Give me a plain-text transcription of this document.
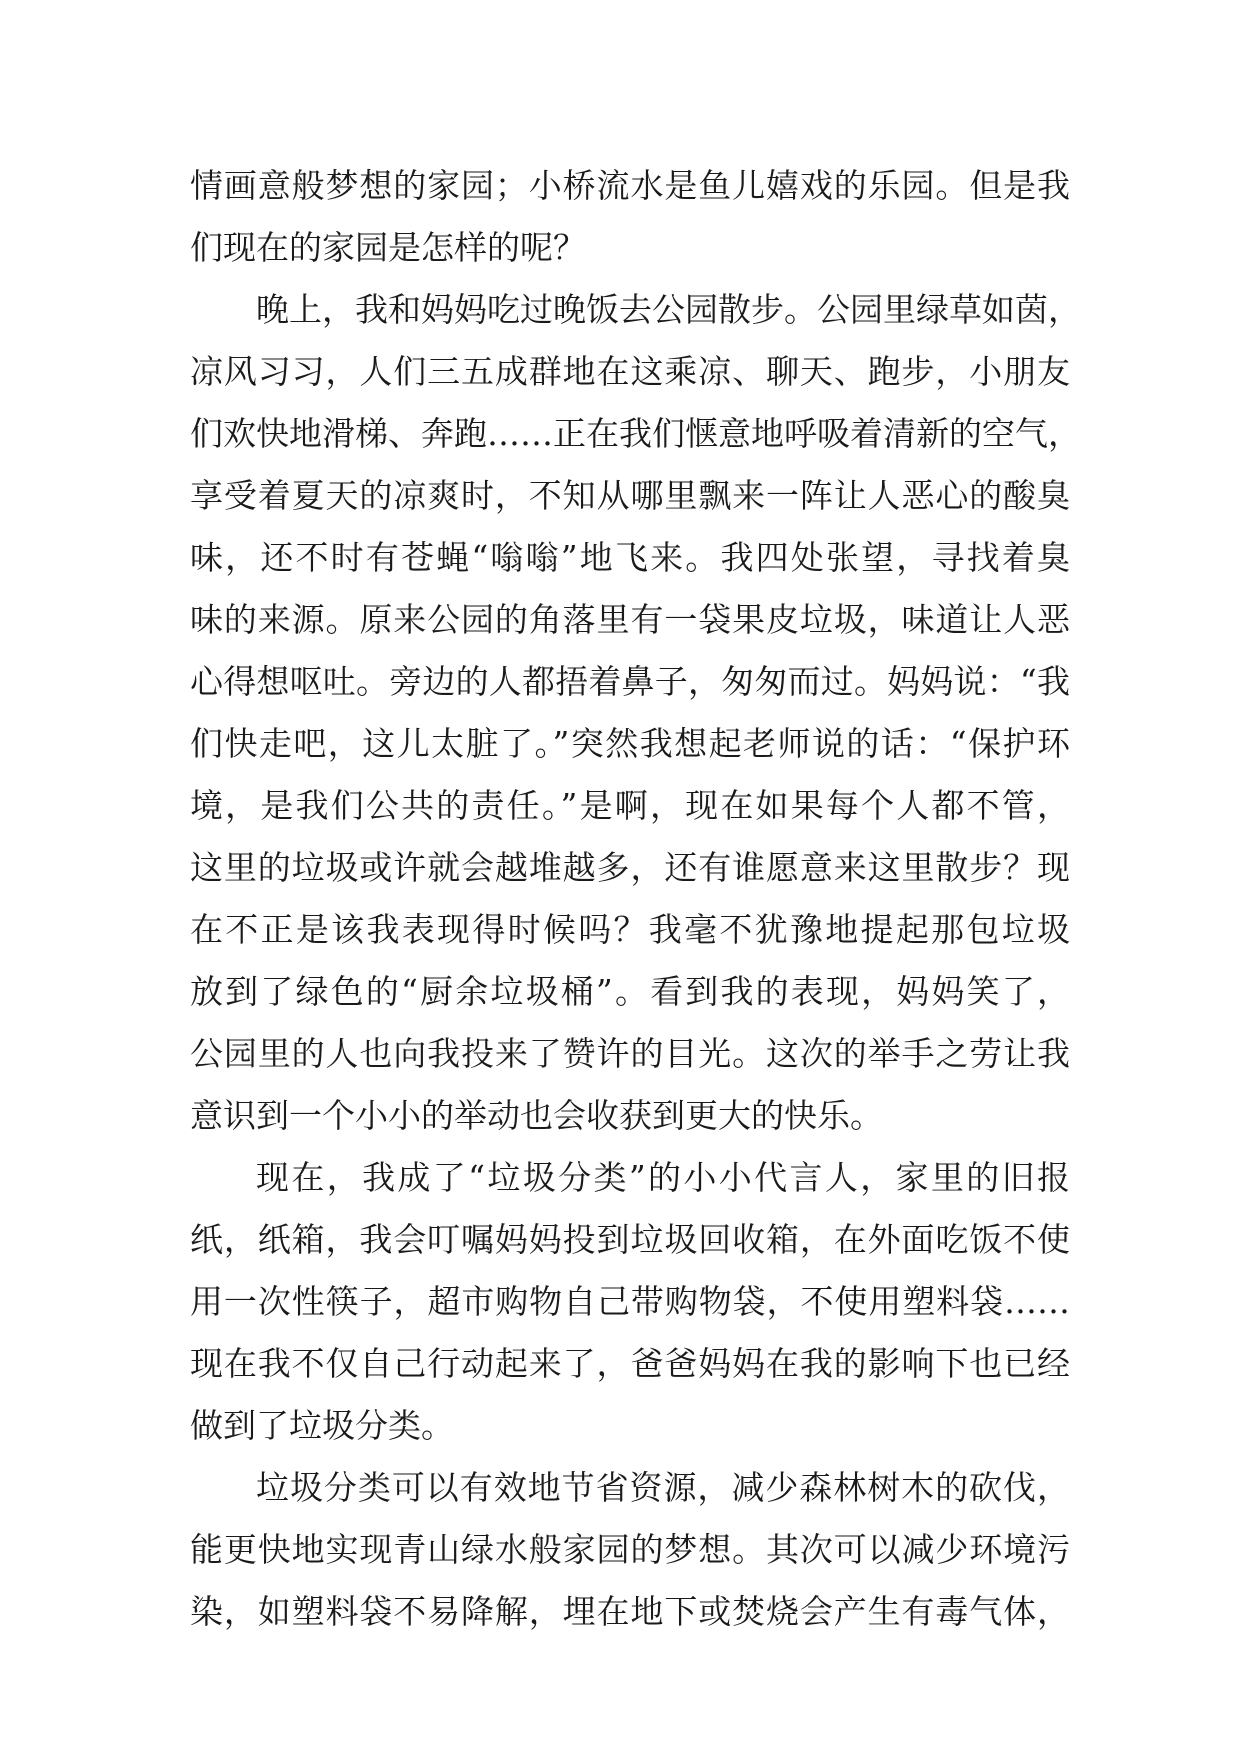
情画意般梦想的家园；小桥流水是鱼儿嬉戏的乐园。但是我
们现在的家园是怎样的呢？
晚上，我和妈妈吃过晚饭去公园散步。公园里绿草如茵，
凉风习习，人们三五成群地在这乘凉、聊天、跑步，小朋友
们欢快地滑梯、奔跑……正在我们惬意地呼吸着清新的空气，
享受着夏天的凉爽时，不知从哪里飘来一阵让人恶心的酸臭
味，还不时有苍蝇“嗡嗡”地飞来。我四处张望，寻找着臭
味的来源。原来公园的角落里有一袋果皮垃圾，味道让人恶
心得想呕吐。旁边的人都捂着鼻子，匆匆而过。妈妈说：“我
们快走吧，这儿太脏了。”突然我想起老师说的话：“保护环
境，是我们公共的责任。”是啊，现在如果每个人都不管，
这里的垃圾或许就会越堆越多，还有谁愿意来这里散步？现
在不正是该我表现得时候吗？我毫不犹豫地提起那包垃圾
放到了绿色的“厨余垃圾桶”。看到我的表现，妈妈笑了，
公园里的人也向我投来了赞许的目光。这次的举手之劳让我
意识到一个小小的举动也会收获到更大的快乐。
现在，我成了“垃圾分类”的小小代言人，家里的旧报
纸，纸箱，我会叮嘱妈妈投到垃圾回收箱，在外面吃饭不使
用一次性筷子，超市购物自己带购物袋，不使用塑料袋……
现在我不仅自己行动起来了，爸爸妈妈在我的影响下也已经
做到了垃圾分类。
垃圾分类可以有效地节省资源，减少森林树木的砍伐，
能更快地实现青山绿水般家园的梦想。其次可以减少环境污
染，如塑料袋不易降解，埋在地下或焚烧会产生有毒气体，
